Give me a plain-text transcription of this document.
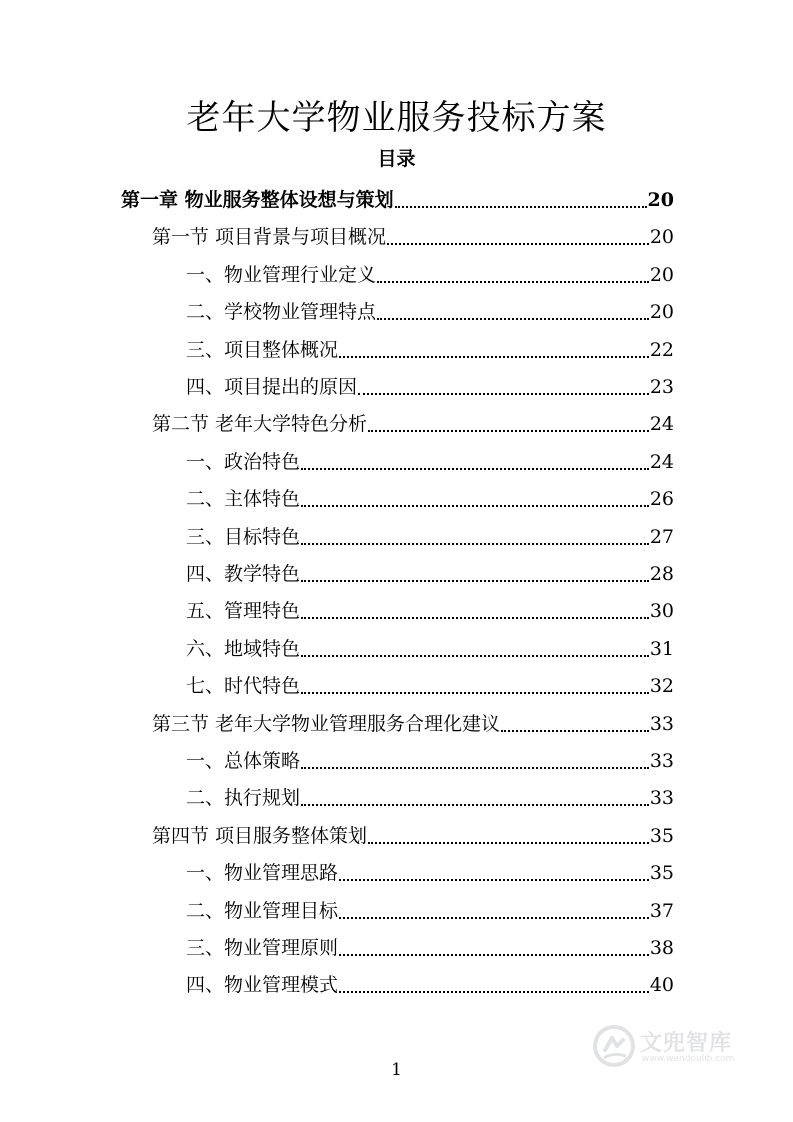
老年大学物业服务投标方案
目录
第一章 物业服务整体设想与策划	20
第一节 项目背景与项目概况	20
一、物业管理行业定义	20
二、学校物业管理特点	20
三、项目整体概况	22
四、项目提出的原因	23
第二节 老年大学特色分析	24
一、政治特色	24
二、主体特色	26
三、目标特色	27
四、教学特色	28
五、管理特色	30
六、地域特色	31
七、时代特色	32
第三节 老年大学物业管理服务合理化建议	33
一、总体策略	33
二、执行规划	33
第四节 项目服务整体策划	35
一、物业管理思路	35
二、物业管理目标	37
三、物业管理原则	38
四、物业管理模式	40
文兜智库
www.wendoulib.com
1
